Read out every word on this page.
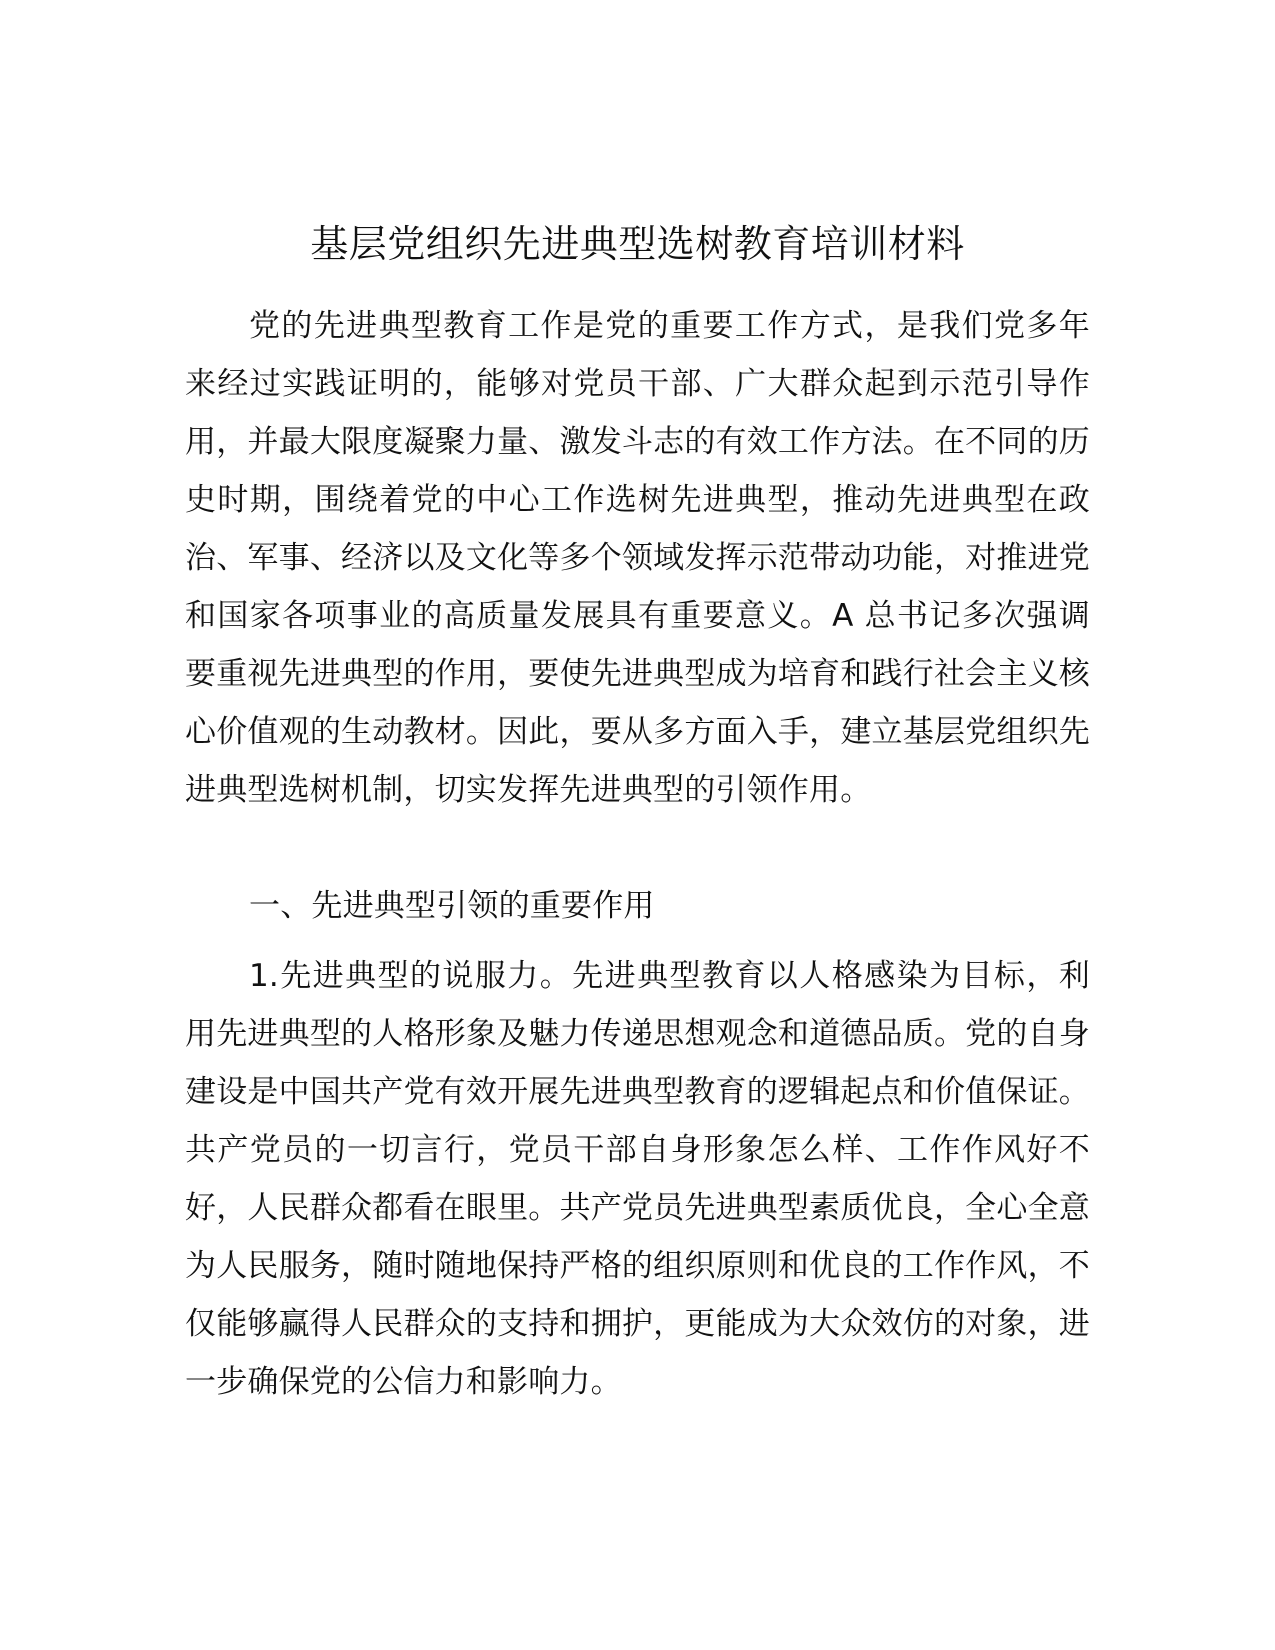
基层党组织先进典型选树教育培训材料

党的先进典型教育工作是党的重要工作方式，是我们党多年来经过实践证明的，能够对党员干部、广大群众起到示范引导作用，并最大限度凝聚力量、激发斗志的有效工作方法。在不同的历史时期，围绕着党的中心工作选树先进典型，推动先进典型在政治、军事、经济以及文化等多个领域发挥示范带动功能，对推进党和国家各项事业的高质量发展具有重要意义。A 总书记多次强调要重视先进典型的作用，要使先进典型成为培育和践行社会主义核心价值观的生动教材。因此，要从多方面入手，建立基层党组织先进典型选树机制，切实发挥先进典型的引领作用。

一、先进典型引领的重要作用

1.先进典型的说服力。先进典型教育以人格感染为目标，利用先进典型的人格形象及魅力传递思想观念和道德品质。党的自身建设是中国共产党有效开展先进典型教育的逻辑起点和价值保证。共产党员的一切言行，党员干部自身形象怎么样、工作作风好不好，人民群众都看在眼里。共产党员先进典型素质优良，全心全意为人民服务，随时随地保持严格的组织原则和优良的工作作风，不仅能够赢得人民群众的支持和拥护，更能成为大众效仿的对象，进一步确保党的公信力和影响力。
